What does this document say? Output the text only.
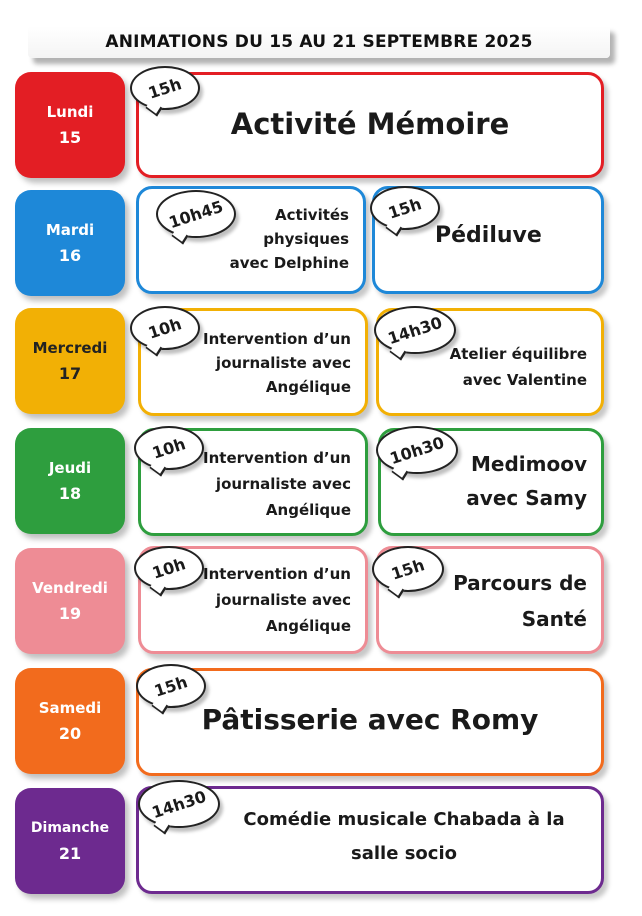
ANIMATIONS DU 15 AU 21 SEPTEMBRE 2025
Lundi
15	Activité Mémoire
15h
Mardi
16
Activités
physiques
avec Delphine
10h45
Pédiluve
15h
Mercredi
17
Intervention d’un
journaliste avec
Angélique
10h
Atelier équilibre
avec Valentine
14h30
Jeudi
18
Intervention d’un
journaliste avec
Angélique
10h
Medimoov
avec Samy
10h30
Vendredi
19
Intervention d’un
journaliste avec
Angélique
10h
Parcours de
Santé
15h
Samedi
20	Pâtisserie avec Romy
15h
Dimanche
21
Comédie musicale Chabada à la
salle socio
14h30
